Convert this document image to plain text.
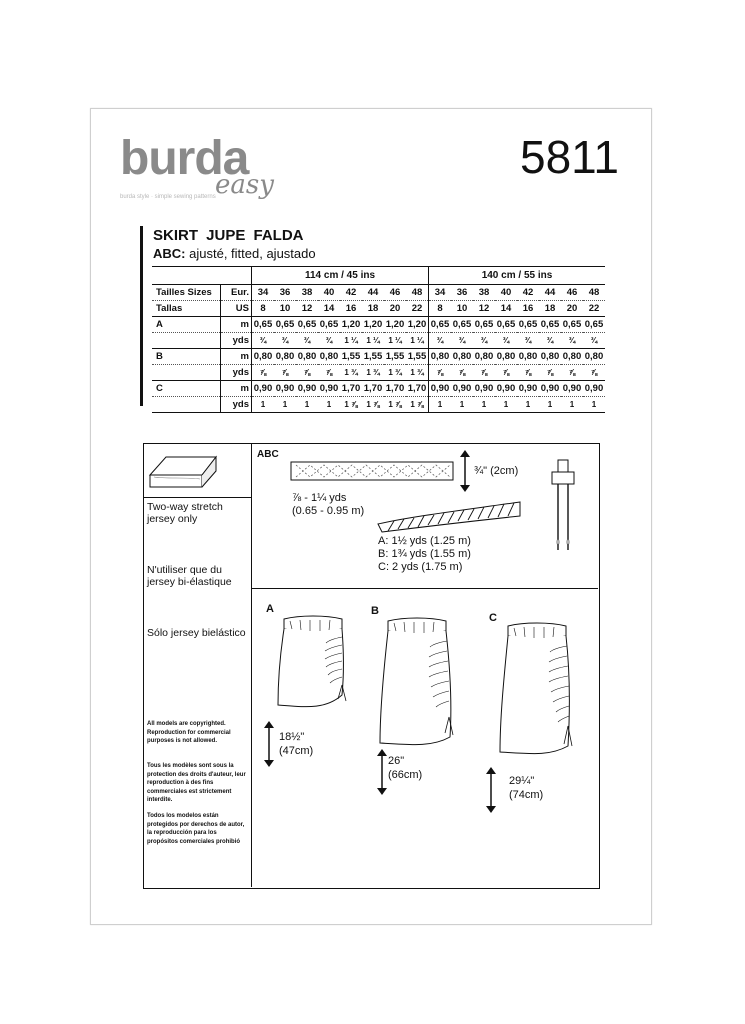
burda
easy
burda style · simple sewing patterns
5811
SKIRT JUPE FALDA
ABC: ajusté, fitted, ajustado
		114 cm / 45 ins								140 cm / 55 ins							
Tailles Sizes	Eur.	34	36	38	40	42	44	46	48	34	36	38	40	42	44	46	48
Tallas	US	8	10	12	14	16	18	20	22	8	10	12	14	16	18	20	22
A	m	0,65	0,65	0,65	0,65	1,20	1,20	1,20	1,20	0,65	0,65	0,65	0,65	0,65	0,65	0,65	0,65
	yds	¾	¾	¾	¾	1 ¼	1 ¼	1 ¼	1 ¼	¾	¾	¾	¾	¾	¾	¾	¾
B	m	0,80	0,80	0,80	0,80	1,55	1,55	1,55	1,55	0,80	0,80	0,80	0,80	0,80	0,80	0,80	0,80
	yds	⅞	⅞	⅞	⅞	1 ¾	1 ¾	1 ¾	1 ¾	⅞	⅞	⅞	⅞	⅞	⅞	⅞	⅞
C	m	0,90	0,90	0,90	0,90	1,70	1,70	1,70	1,70	0,90	0,90	0,90	0,90	0,90	0,90	0,90	0,90
	yds	1	1	1	1	1 ⅞	1 ⅞	1 ⅞	1 ⅞	1	1	1	1	1	1	1	1
Two-way stretch jersey only
N'utiliser que du jersey bi-élastique
Sólo jersey bielástico
All models are copyrighted. Reproduction for commercial purposes is not allowed.
Tous les modèles sont sous la protection des droits d'auteur, leur reproduction à des fins commerciales est strictement interdite.
Todos los modelos están protegidos por derechos de autor, la reproducción para los propósitos comerciales prohibió
ABC
¾" (2cm)
⅞ - 1¼ yds
(0.65 - 0.95 m)
A: 1½ yds (1.25 m)
B: 1¾ yds (1.55 m)
C: 2 yds (1.75 m)
A	B
C
18½"
(47cm)
26"
(66cm)	29¼"
(74cm)
